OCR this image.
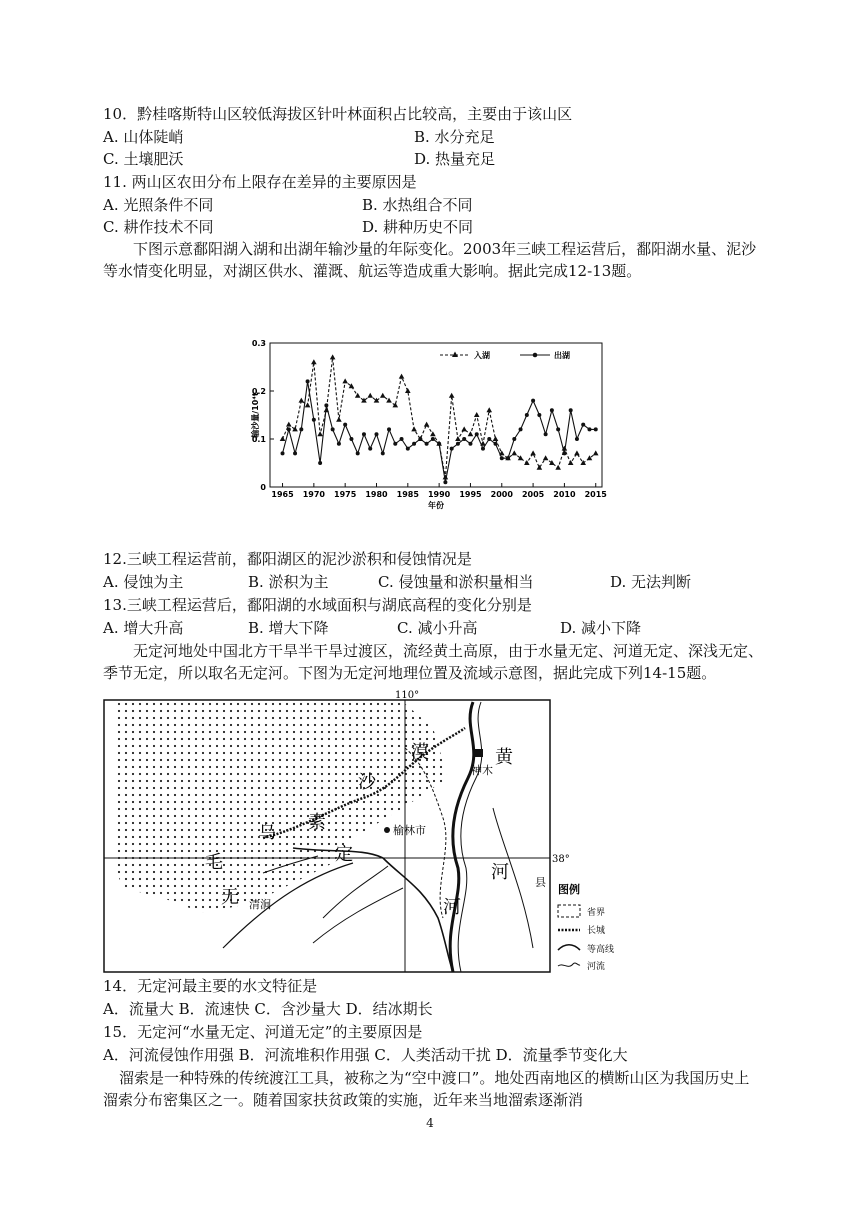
10．黔桂喀斯特山区较低海拔区针叶林面积占比较高，主要由于该山区
A. 山体陡峭	B. 水分充足
C. 土壤肥沃	D. 热量充足
11. 两山区农田分布上限存在差异的主要原因是
A. 光照条件不同	B. 水热组合不同
C. 耕作技术不同	D. 耕种历史不同
下图示意鄱阳湖入湖和出湖年输沙量的年际变化。2003年三峡工程运营后，鄱阳湖水量、泥沙等水情变化明显，对湖区供水、灌溉、航运等造成重大影响。据此完成12-13题。
0
0.1
0.2
0.3
1965 1970 1975 1980 1985 1990 1995 2000 2005 2010 2015
年份
输沙量/10⁴t
入湖	出湖
12.三峡工程运营前，鄱阳湖区的泥沙淤积和侵蚀情况是
A. 侵蚀为主	B. 淤积为主	C. 侵蚀量和淤积量相当	D. 无法判断
13.三峡工程运营后，鄱阳湖的水域面积与湖底高程的变化分别是
A. 增大升高	B. 增大下降	C. 减小升高	D. 减小下降
无定河地处中国北方干旱半干旱过渡区，流经黄土高原，由于水量无定、河道无定、深浅无定、季节无定，所以取名无定河。下图为无定河地理位置及流域示意图，据此完成下列14-15题。
110°
38°
毛
乌 素
沙
漠
定
无	河
黄
河
神木
榆林市
清涧
县
图例
省界
长城
等高线
河流
14．无定河最主要的水文特征是
A．流量大 B．流速快 C．含沙量大 D．结冰期长
15．无定河“水量无定、河道无定”的主要原因是
A．河流侵蚀作用强 B．河流堆积作用强 C．人类活动干扰 D．流量季节变化大
溜索是一种特殊的传统渡江工具，被称之为“空中渡口”。地处西南地区的横断山区为我国历史上溜索分布密集区之一。随着国家扶贫政策的实施，近年来当地溜索逐渐消
4
